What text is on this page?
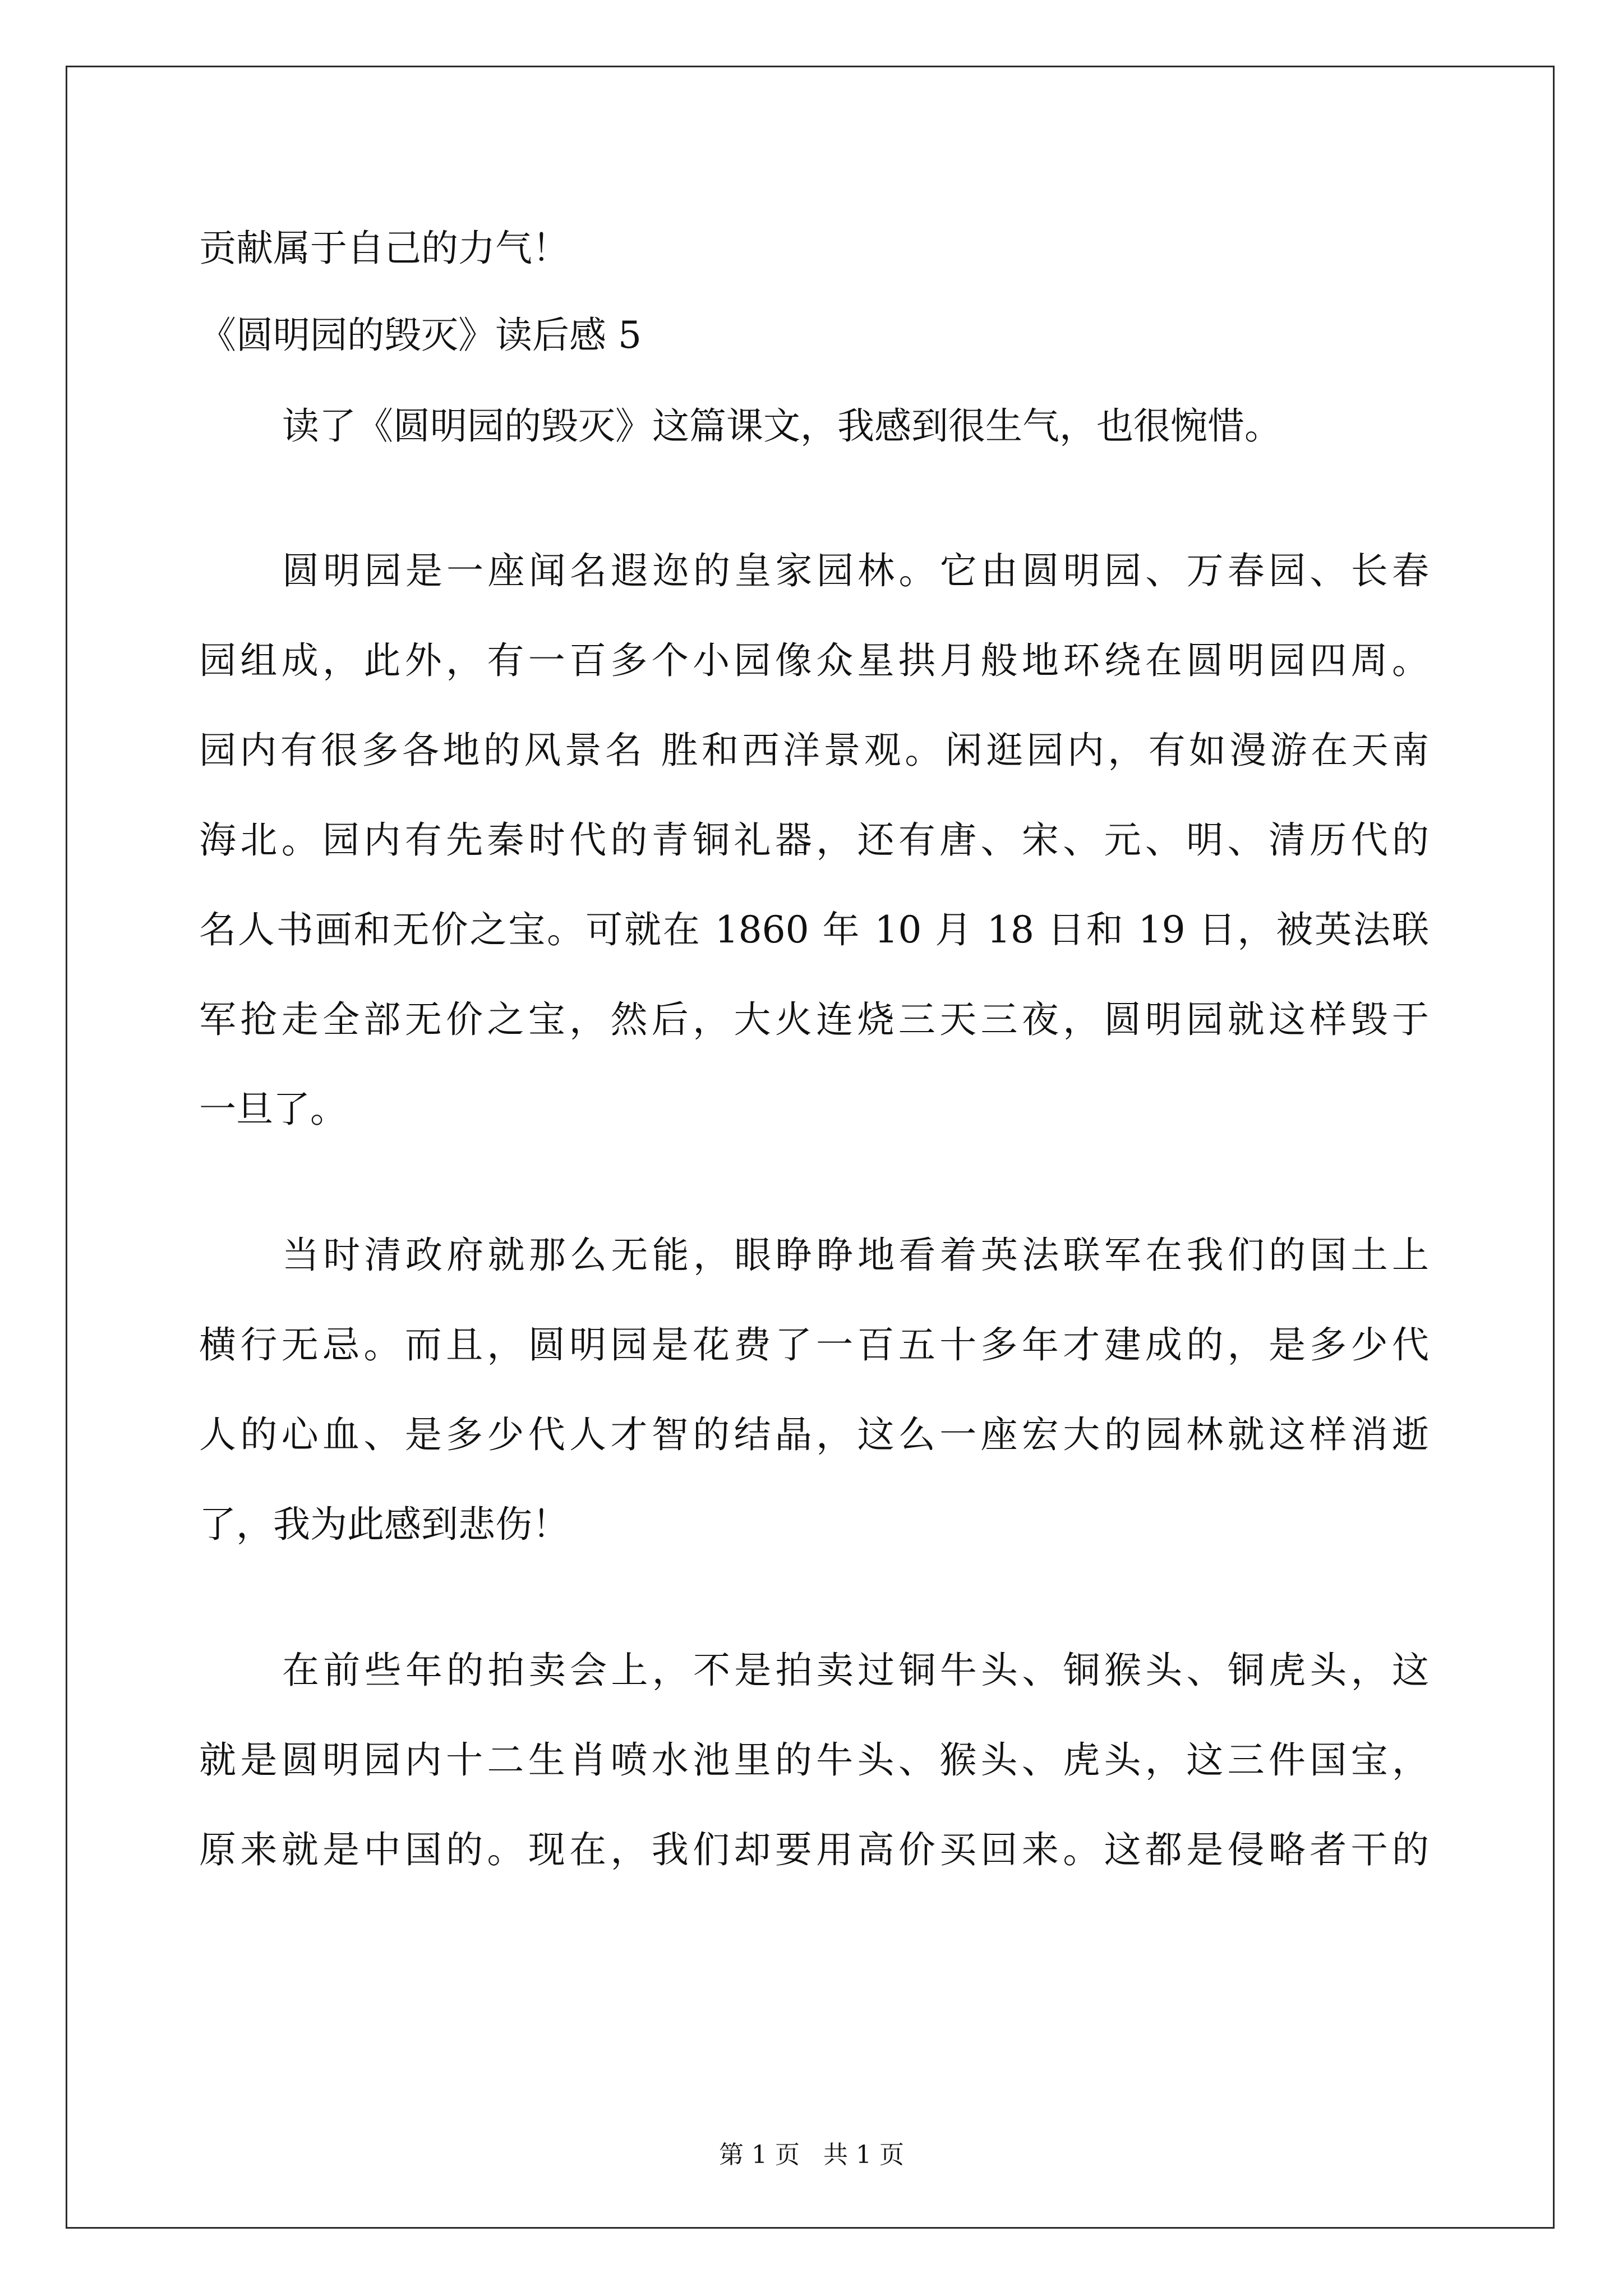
贡献属于自己的力气！
《圆明园的毁灭》读后感 5
读了《圆明园的毁灭》这篇课文，我感到很生气，也很惋惜。
圆明园是一座闻名遐迩的皇家园林。它由圆明园、万春园、长春
园组成，此外，有一百多个小园像众星拱月般地环绕在圆明园四周。
园内有很多各地的风景名 胜和西洋景观。闲逛园内，有如漫游在天南
海北。园内有先秦时代的青铜礼器，还有唐、宋、元、明、清历代的
名人书画和无价之宝。可就在 1860 年 10 月 18 日和 19 日，被英法联
军抢走全部无价之宝，然后，大火连烧三天三夜，圆明园就这样毁于
一旦了。
当时清政府就那么无能，眼睁睁地看着英法联军在我们的国土上
横行无忌。而且，圆明园是花费了一百五十多年才建成的，是多少代
人的心血、是多少代人才智的结晶，这么一座宏大的园林就这样消逝
了，我为此感到悲伤！
在前些年的拍卖会上，不是拍卖过铜牛头、铜猴头、铜虎头，这
就是圆明园内十二生肖喷水池里的牛头、猴头、虎头，这三件国宝，
原来就是中国的。现在，我们却要用高价买回来。这都是侵略者干的
第 1 页   共 1 页
